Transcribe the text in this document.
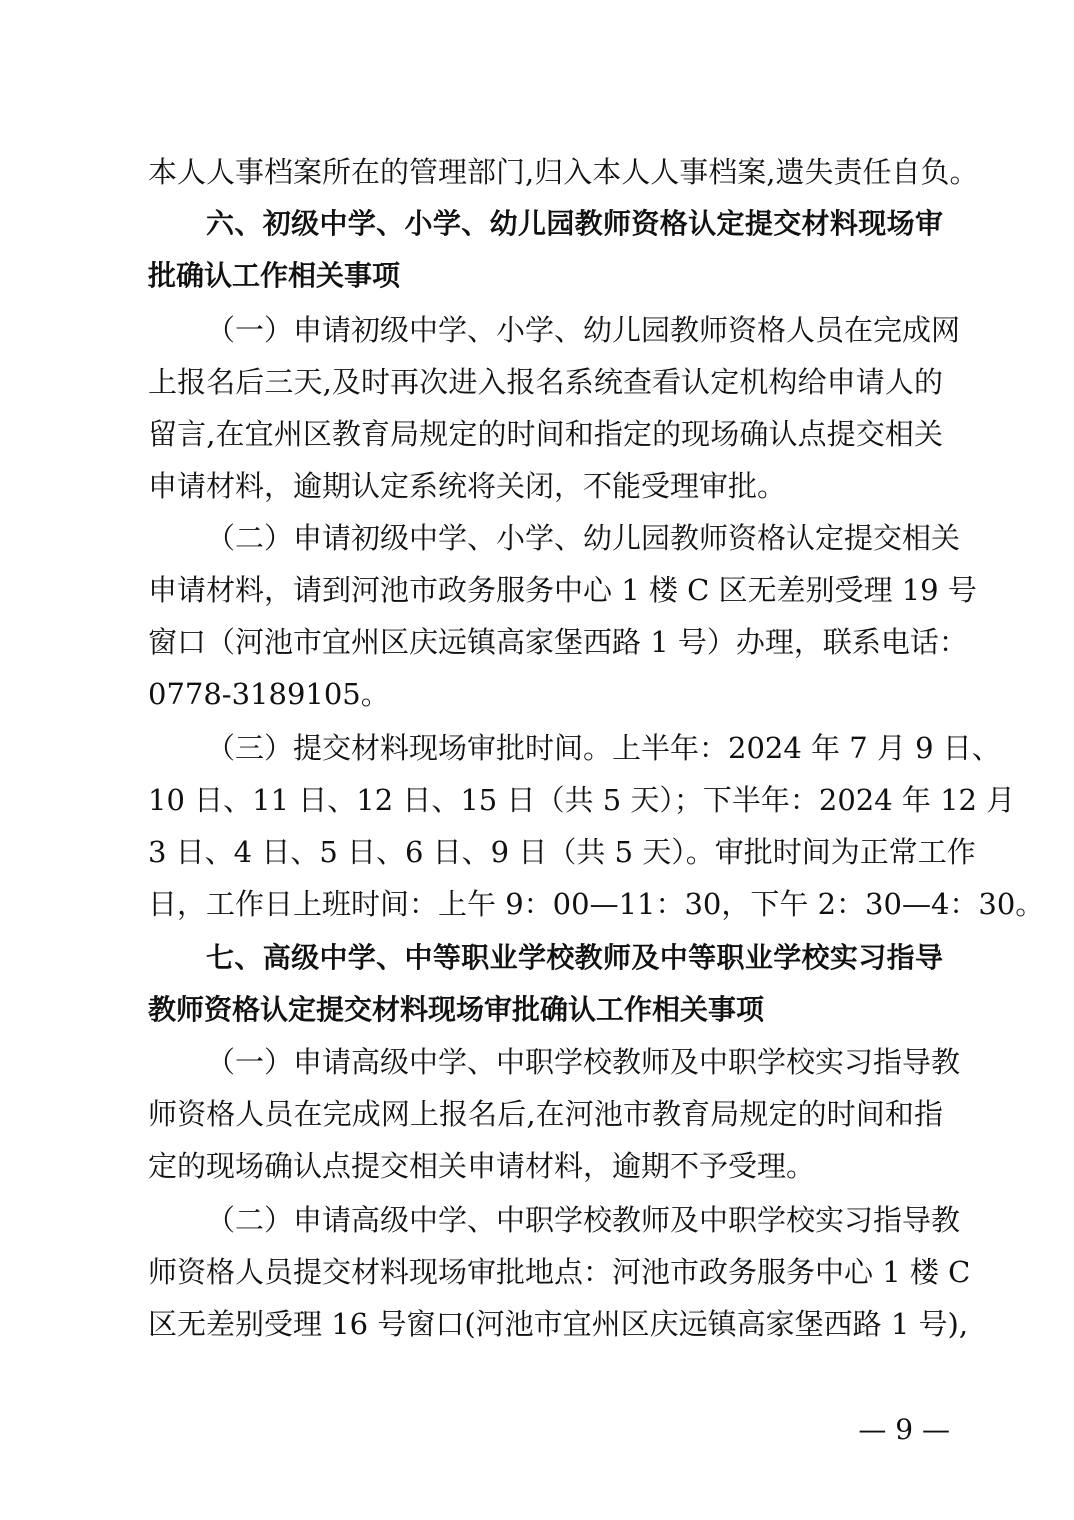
本人人事档案所在的管理部门,归入本人人事档案,遗失责任自负。
六、初级中学、小学、幼儿园教师资格认定提交材料现场审
批确认工作相关事项
（一）申请初级中学、小学、幼儿园教师资格人员在完成网
上报名后三天,及时再次进入报名系统查看认定机构给申请人的
留言,在宜州区教育局规定的时间和指定的现场确认点提交相关
申请材料，逾期认定系统将关闭，不能受理审批。
（二）申请初级中学、小学、幼儿园教师资格认定提交相关
申请材料，请到河池市政务服务中心 1 楼 C 区无差别受理 19 号
窗口（河池市宜州区庆远镇高家堡西路 1 号）办理，联系电话：
0778-3189105。
（三）提交材料现场审批时间。上半年：2024 年 7 月 9 日、
10 日、11 日、12 日、15 日（共 5 天）；下半年：2024 年 12 月
3 日、4 日、5 日、6 日、9 日（共 5 天）。审批时间为正常工作
日，工作日上班时间：上午 9：00—11：30，下午 2：30—4：30。
七、高级中学、中等职业学校教师及中等职业学校实习指导
教师资格认定提交材料现场审批确认工作相关事项
（一）申请高级中学、中职学校教师及中职学校实习指导教
师资格人员在完成网上报名后,在河池市教育局规定的时间和指
定的现场确认点提交相关申请材料，逾期不予受理。
（二）申请高级中学、中职学校教师及中职学校实习指导教
师资格人员提交材料现场审批地点：河池市政务服务中心 1 楼 C
区无差别受理 16 号窗口(河池市宜州区庆远镇高家堡西路 1 号),
— 9 —
